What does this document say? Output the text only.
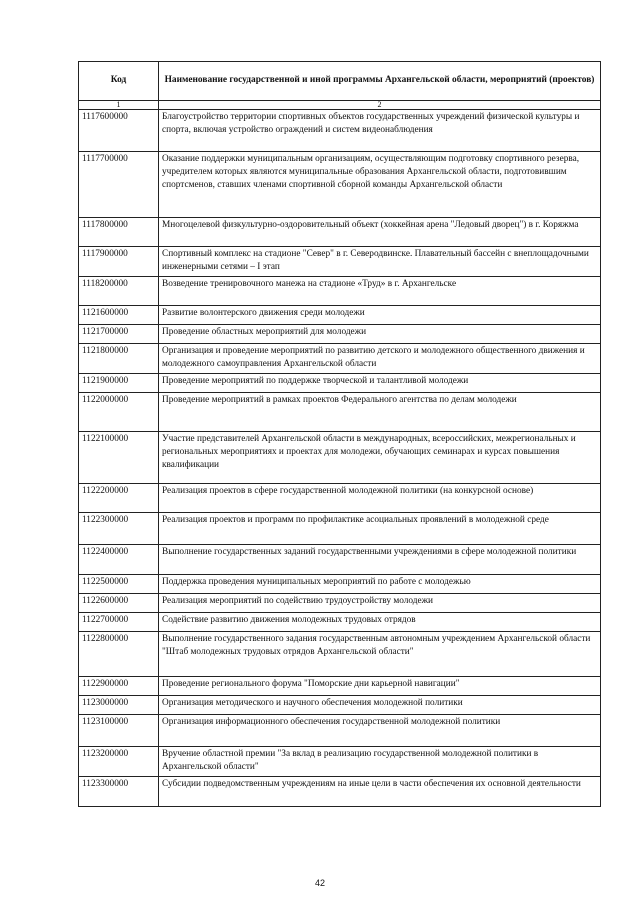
Код	Наименование государственной и иной программы Архангельской области, мероприятий (проектов)
1	2
1117600000	Благоустройство территории спортивных объектов государственных учреждений физической культуры и спорта, включая устройство ограждений и систем видеонаблюдения
1117700000	Оказание поддержки муниципальным организациям, осуществляющим подготовку спортивного резерва, учредителем которых являются муниципальные образования Архангельской области, подготовившим спортсменов, ставших членами спортивной сборной команды Архангельской области
1117800000	Многоцелевой физкультурно-оздоровительный объект (хоккейная арена "Ледовый дворец") в г. Коряжма
1117900000	Спортивный комплекс на стадионе "Север" в г. Северодвинске. Плавательный бассейн с внеплощадочными инженерными сетями – I этап
1118200000	Возведение тренировочного манежа на стадионе «Труд» в г. Архангельске
1121600000	Развитие волонтерского движения среди молодежи
1121700000	Проведение областных мероприятий для молодежи
1121800000	Организация и проведение мероприятий по развитию детского и молодежного общественного движения и молодежного самоуправления Архангельской области
1121900000	Проведение мероприятий по поддержке творческой и талантливой молодежи
1122000000	Проведение мероприятий в рамках проектов Федерального агентства по делам молодежи
1122100000	Участие представителей Архангельской области в международных, всероссийских, межрегиональных и региональных мероприятиях и проектах для молодежи, обучающих семинарах и курсах повышения квалификации
1122200000	Реализация проектов в сфере государственной молодежной политики (на конкурсной основе)
1122300000	Реализация проектов и программ по профилактике асоциальных проявлений в молодежной среде
1122400000	Выполнение государственных заданий государственными учреждениями в сфере молодежной политики
1122500000	Поддержка проведения муниципальных мероприятий по работе с молодежью
1122600000	Реализация мероприятий по содействию трудоустройству молодежи
1122700000	Содействие развитию движения молодежных трудовых отрядов
1122800000	Выполнение государственного задания государственным автономным учреждением Архангельской области "Штаб молодежных трудовых отрядов Архангельской области"
1122900000	Проведение регионального форума "Поморские дни карьерной навигации"
1123000000	Организация методического и научного обеспечения молодежной политики
1123100000	Организация информационного обеспечения государственной молодежной политики
1123200000	Вручение областной премии "За вклад в реализацию государственной молодежной политики в Архангельской области"
1123300000	Субсидии подведомственным учреждениям на иные цели в части обеспечения их основной деятельности
42
